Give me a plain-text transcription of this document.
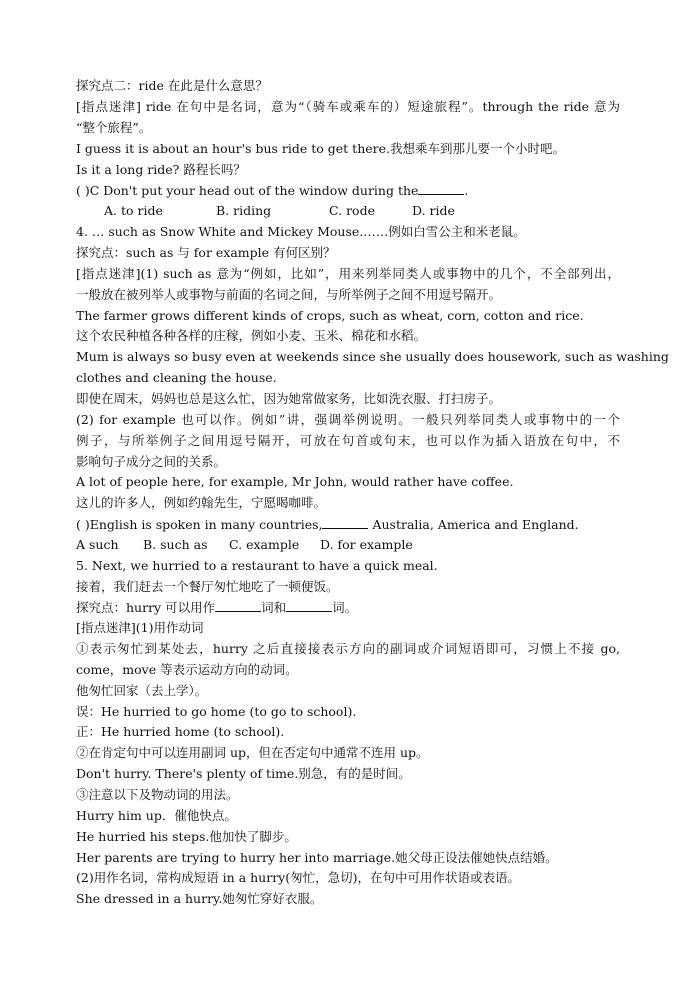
探究点二：ride 在此是什么意思？
[指点迷津] ride 在句中是名词，意为“（骑车或乘车的）短途旅程”。through the ride 意为
“整个旅程”。
I guess it is about an hour's bus ride to get there.我想乘车到那儿要一个小时吧。
Is it a long ride? 路程长吗？
( )C Don't put your head out of the window during the	.
A. to ride	B. riding	C. rode	D. ride
4. … such as Snow White and Mickey Mouse.……例如白雪公主和米老鼠。
探究点：such as 与 for example 有何区别？
[指点迷津](1) such as 意为“例如，比如”，用来列举同类人或事物中的几个，不全部列出，
一般放在被列举人或事物与前面的名词之间，与所举例子之间不用逗号隔开。
The farmer grows different kinds of crops, such as wheat, corn, cotton and rice.
这个农民种植各种各样的庄稼，例如小麦、玉米、棉花和水稻。
Mum is always so busy even at weekends since she usually does housework, such as washing
clothes and cleaning the house.
即使在周末，妈妈也总是这么忙，因为她常做家务，比如洗衣服、打扫房子。
(2) for example 也可以作。例如”讲，强调举例说明。一般只列举同类人或事物中的一个
例子，与所举例子之间用逗号隔开，可放在句首或句末，也可以作为插入语放在句中，不
影响句子成分之间的关系。
A lot of people here, for example, Mr John, would rather have coffee.
这儿的许多人，例如约翰先生，宁愿喝咖啡。
( )English is spoken in many countries,	Australia, America and England.
A such B. such as C. example D. for example
5. Next, we hurried to a restaurant to have a quick meal.
接着，我们赶去一个餐厅匆忙地吃了一顿便饭。
探究点：hurry 可以用作	词和	词。
[指点迷津](1)用作动词
①表示匆忙到某处去，hurry 之后直接接表示方向的副词或介词短语即可，习惯上不接 go,
come，move 等表示运动方向的动词。
他匆忙回家（去上学）。
误：He hurried to go home (to go to school).
正：He hurried home (to school).
②在肯定句中可以连用副词 up，但在否定句中通常不连用 up。
Don't hurry. There's plenty of time.别急，有的是时间。
③注意以下及物动词的用法。
Hurry him up．催他快点。
He hurried his steps.他加快了脚步。
Her parents are trying to hurry her into marriage.她父母正设法催她快点结婚。
(2)用作名词，常构成短语 in a hurry(匆忙，急切)，在句中可用作状语或表语。
She dressed in a hurry.她匆忙穿好衣服。
